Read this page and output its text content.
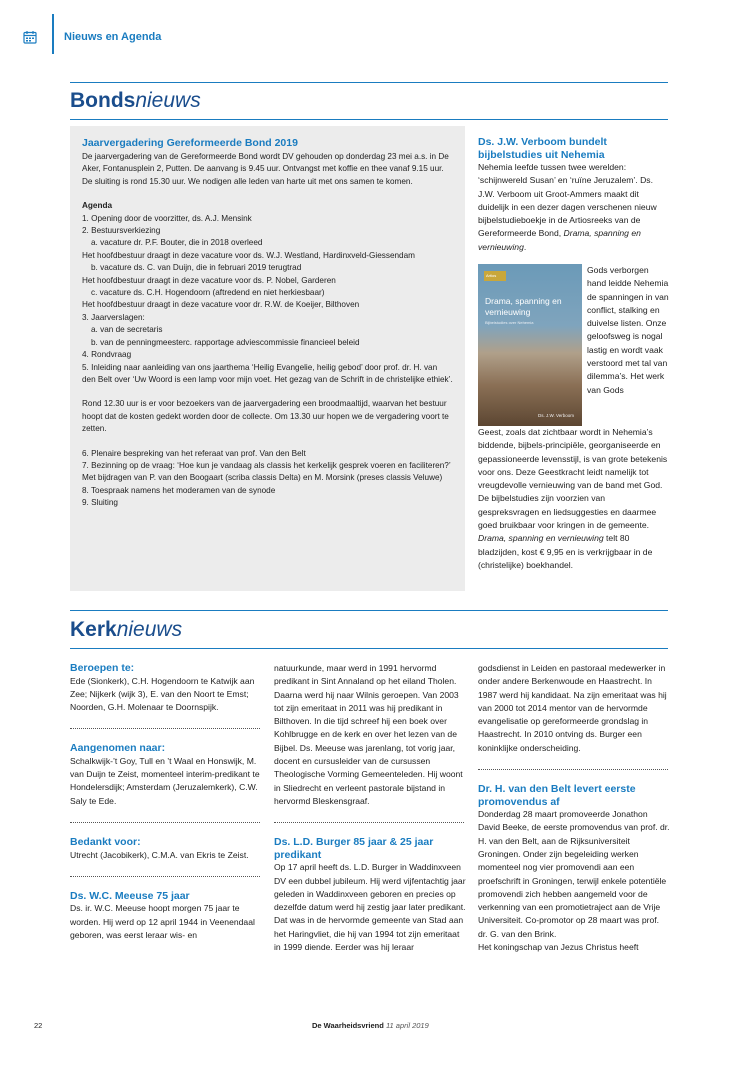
Nieuws en Agenda
Bondsnieuws
Jaarvergadering Gereformeerde Bond 2019

De jaarvergadering van de Gereformeerde Bond wordt DV gehouden op donderdag 23 mei a.s. in De Aker, Fontanusplein 2, Putten. De aanvang is 9.45 uur. Ontvangst met koffie en thee vanaf 9.15 uur. De sluiting is rond 15.30 uur. We nodigen alle leden van harte uit met ons samen te komen.

Agenda

1. Opening door de voorzitter, ds. A.J. Mensink

2. Bestuursverkiezing

a. vacature dr. P.F. Bouter, die in 2018 overleed

Het hoofdbestuur draagt in deze vacature voor ds. W.J. Westland, Hardinxveld-Giessendam

b. vacature ds. C. van Duijn, die in februari 2019 terugtrad

Het hoofdbestuur draagt in deze vacature voor ds. P. Nobel, Garderen

c. vacature ds. C.H. Hogendoorn (aftredend en niet herkiesbaar)

Het hoofdbestuur draagt in deze vacature voor dr. R.W. de Koeijer, Bilthoven

3. Jaarverslagen:

a. van de secretaris

b. van de penningmeesterc. rapportage adviescommissie financieel beleid

4. Rondvraag

5. Inleiding naar aanleiding van ons jaarthema ‘Heilig Evangelie, heilig gebod’ door prof. dr. H. van den Belt over ‘Uw Woord is een lamp voor mijn voet. Het gezag van de Schrift in de christelijke ethiek’.

Rond 12.30 uur is er voor bezoekers van de jaarvergadering een broodmaaltijd, waarvan het bestuur hoopt dat de kosten gedekt worden door de collecte. Om 13.30 uur hopen we de vergadering voort te zetten.

6. Plenaire bespreking van het referaat van prof. Van den Belt

7. Bezinning op de vraag: ‘Hoe kun je vandaag als classis het kerkelijk gesprek voeren en faciliteren?’ Met bijdragen van P. van den Boogaart (scriba classis Delta) en M. Morsink (preses classis Veluwe)

8. Toespraak namens het moderamen van de synode

9. Sluiting

Ds. J.W. Verboom bundelt bijbelstudies uit Nehemia

Nehemia leefde tussen twee werelden: ‘schijnwereld Susan’ en ‘ruïne Jeruzalem’. Ds. J.W. Verboom uit Groot-Ammers maakt dit duidelijk in een dezer dagen verschenen nieuw bijbelstudieboekje in de Artiosreeks van de Gereformeerde Bond, Drama, spanning en vernieuwing.

Artios
Drama, spanning en vernieuwing
Bijbelstudies over Nehemia
Ds. J.W. Verboom

Gods verborgen hand leidde Nehemia de spanningen in van conflict, stalking en duivelse listen. Onze geloofsweg is nogal lastig en wordt vaak verstoord met tal van dilemma’s. Het werk van Gods

Geest, zoals dat zichtbaar wordt in Nehemia’s biddende, bijbels-principiële, georganiseerde en gepassioneerde levensstijl, is van grote betekenis voor ons. Deze Geestkracht leidt namelijk tot vreugdevolle vernieuwing van de band met God.

De bijbelstudies zijn voorzien van gespreksvragen en liedsuggesties en daarmee goed bruikbaar voor kringen in de gemeente. Drama, spanning en vernieuwing telt 80 bladzijden, kost € 9,95 en is verkrijgbaar in de (christelijke) boekhandel.

Kerknieuws
Beroepen te:

Ede (Sionkerk), C.H. Hogendoorn te Katwijk aan Zee; Nijkerk (wijk 3), E. van den Noort te Emst; Noorden, G.H. Molenaar te Doornspijk.

Aangenomen naar:

Schalkwijk-’t Goy, Tull en ’t Waal en Honswijk, M. van Duijn te Zeist, momenteel interim-predikant te Hondelersdijk; Amsterdam (Jeruzalemkerk), C.W. Saly te Ede.

Bedankt voor:

Utrecht (Jacobikerk), C.M.A. van Ekris te Zeist.

Ds. W.C. Meeuse 75 jaar

Ds. ir. W.C. Meeuse hoopt morgen 75 jaar te worden. Hij werd op 12 april 1944 in Veenendaal geboren, was eerst leraar wis- en

natuurkunde, maar werd in 1991 hervormd predikant in Sint Annaland op het eiland Tholen. Daarna werd hij naar Wilnis geroepen. Van 2003 tot zijn emeritaat in 2011 was hij predikant in Bilthoven. In die tijd schreef hij een boek over Kohlbrugge en de kerk en over het lezen van de Bijbel. Ds. Meeuse was jarenlang, tot vorig jaar, docent en cursusleider van de cursussen Theologische Vorming Gemeenteleden. Hij woont in Sliedrecht en verleent pastorale bijstand in hervormd Bleskensgraaf.

Ds. L.D. Burger 85 jaar & 25 jaar predikant

Op 17 april heeft ds. L.D. Burger in Waddinxveen DV een dubbel jubileum. Hij werd vijfentachtig jaar geleden in Waddinxveen geboren en precies op dezelfde datum werd hij zestig jaar later predikant. Dat was in de hervormde gemeente van Stad aan het Haringvliet, die hij van 1994 tot zijn emeritaat in 1999 diende. Eerder was hij leraar

godsdienst in Leiden en pastoraal medewerker in onder andere Berkenwoude en Haastrecht. In 1987 werd hij kandidaat. Na zijn emeritaat was hij van 2000 tot 2014 mentor van de hervormde evangelisatie op gereformeerde grondslag in Haastrecht. In 2010 ontving ds. Burger een koninklijke onderscheiding.

Dr. H. van den Belt levert eerste promovendus af

Donderdag 28 maart promoveerde Jonathon David Beeke, de eerste promovendus van prof. dr. H. van den Belt, aan de Rijksuniversiteit Groningen. Onder zijn begeleiding werken momenteel nog vier promovendi aan een proefschrift in Groningen, terwijl enkele potentiële promovendi zich hebben aangemeld voor de verkenning van een promotietraject aan de Vrije Universiteit. Co-promotor op 28 maart was prof. dr. G. van den Brink.

Het koningschap van Jezus Christus heeft

22	De Waarheidsvriend 11 april 2019
